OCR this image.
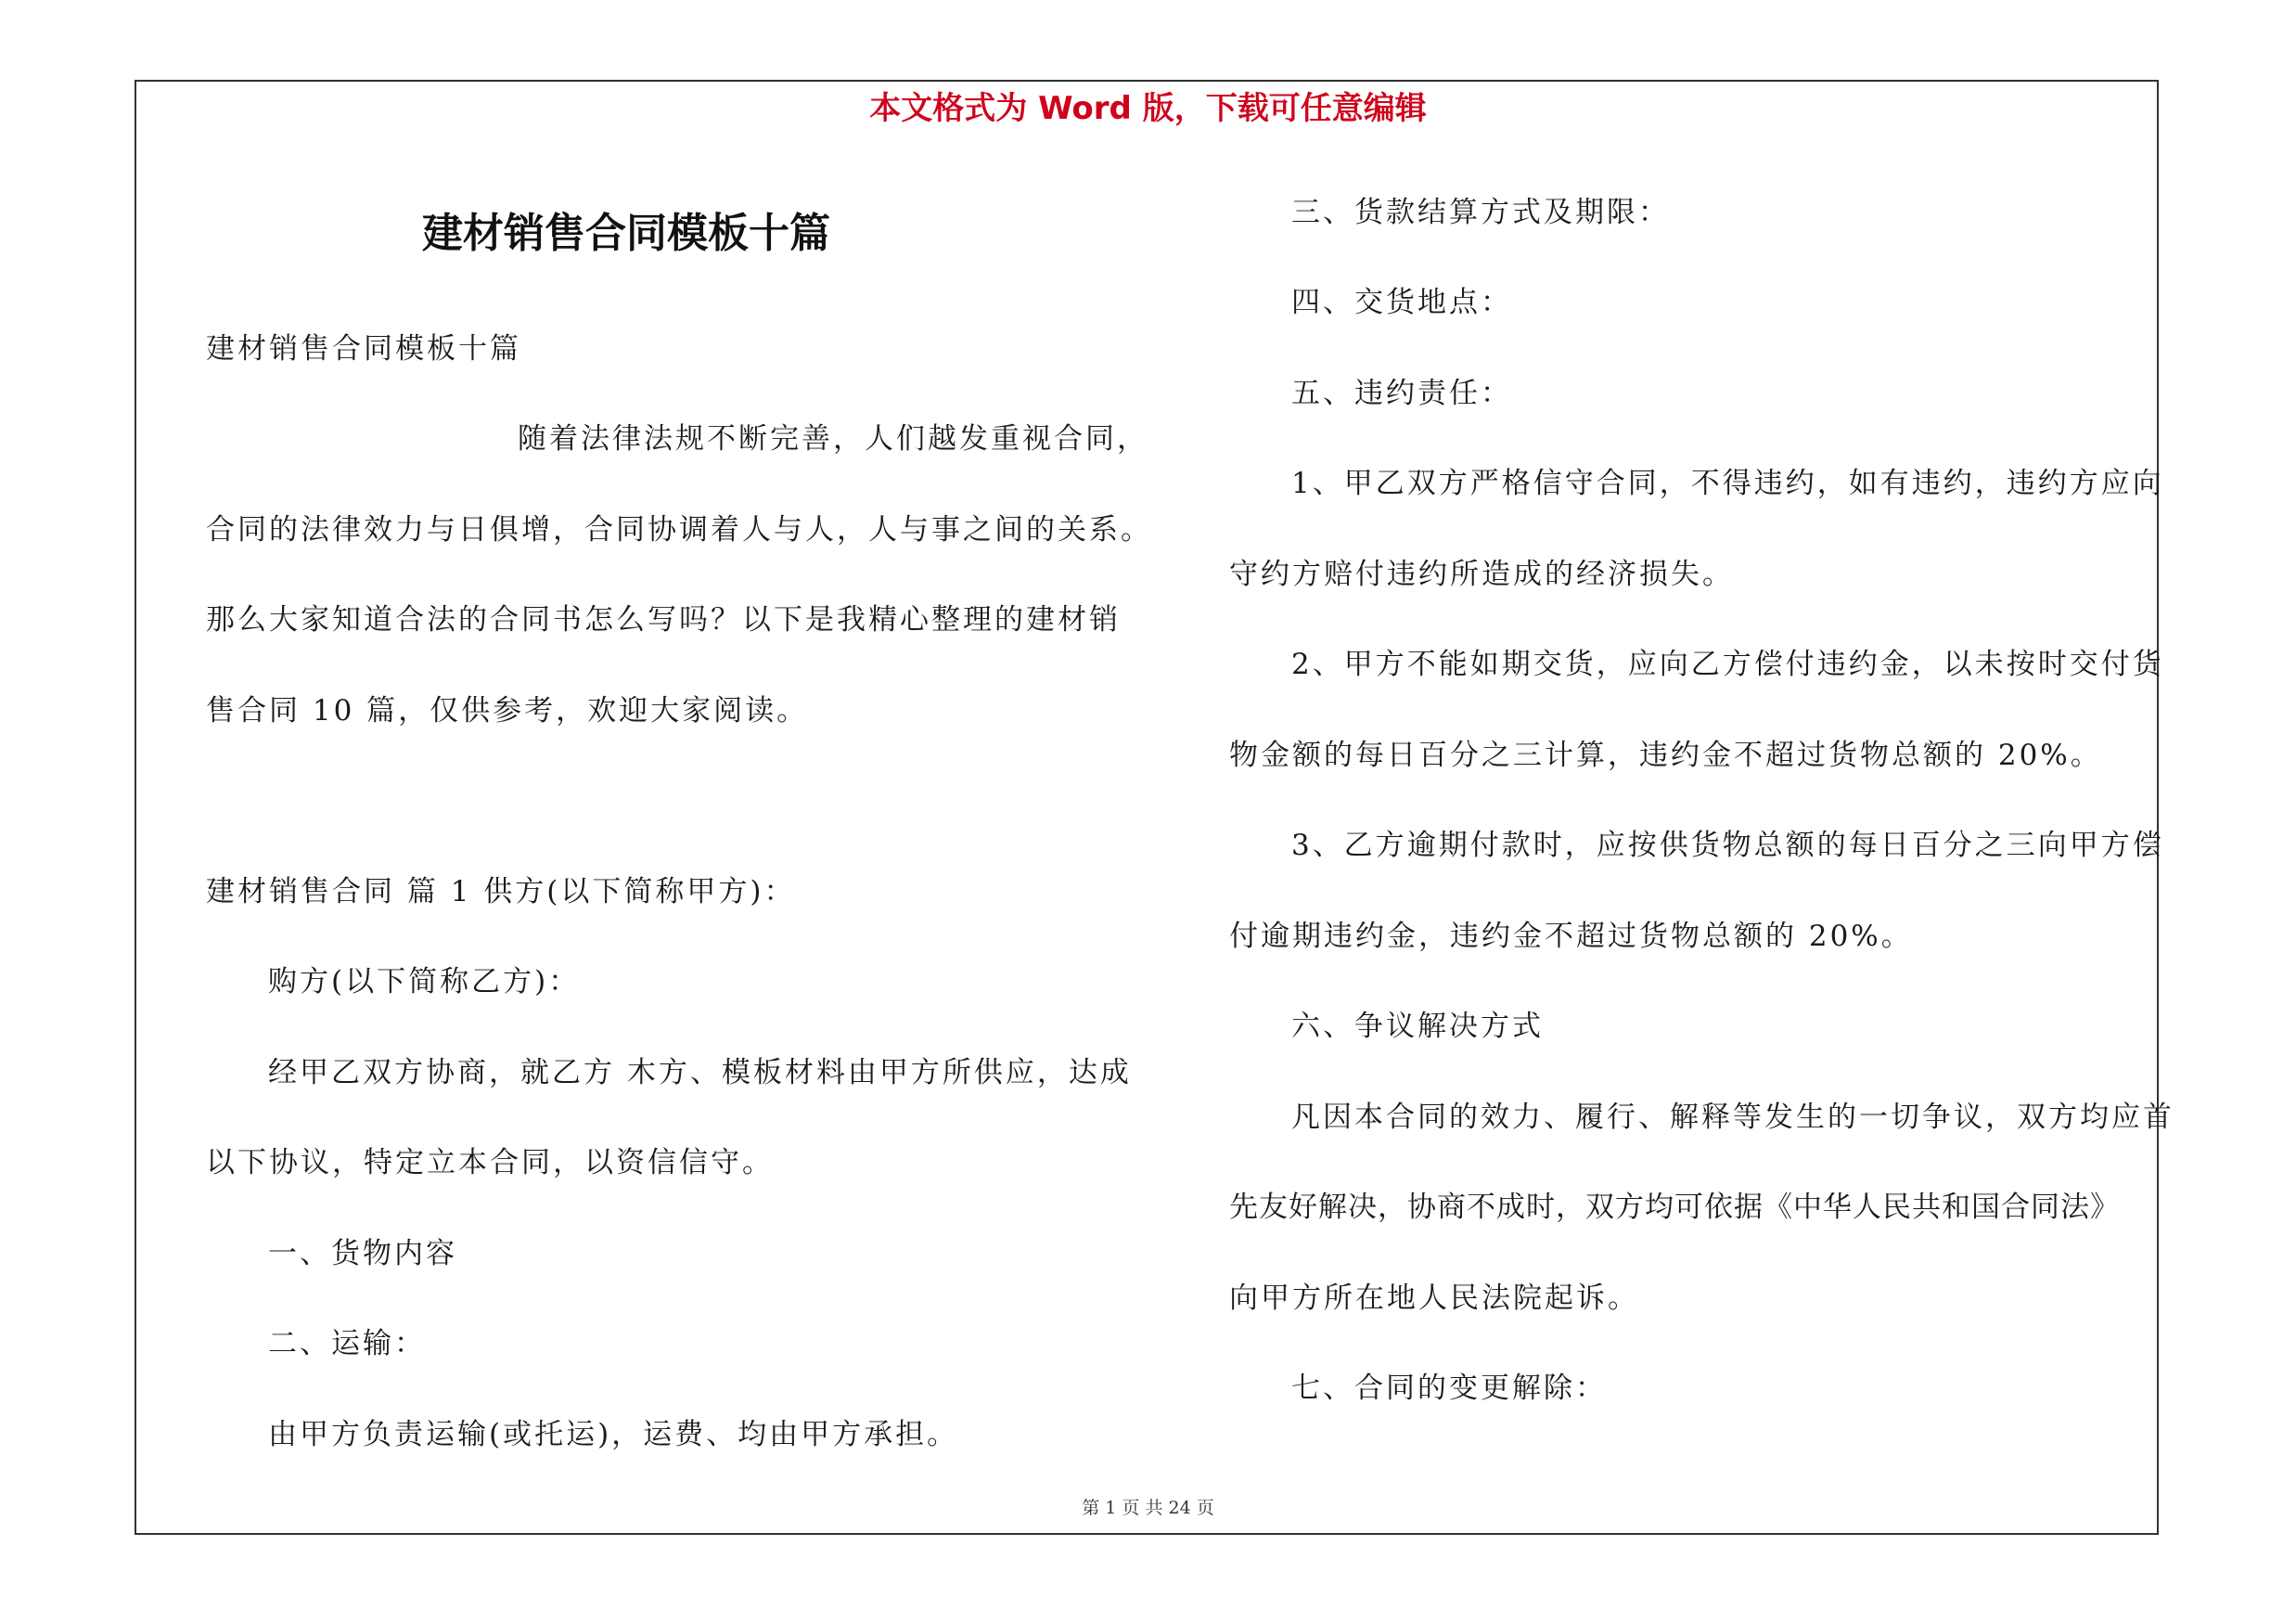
本文格式为 Word 版，下载可任意编辑
建材销售合同模板十篇
建材销售合同模板十篇
随着法律法规不断完善，人们越发重视合同，
合同的法律效力与日俱增，合同协调着人与人，人与事之间的关系。
那么大家知道合法的合同书怎么写吗？以下是我精心整理的建材销
售合同 10 篇，仅供参考，欢迎大家阅读。
建材销售合同 篇 1 供方(以下简称甲方)：
购方(以下简称乙方)：
经甲乙双方协商，就乙方 木方、模板材料由甲方所供应，达成
以下协议，特定立本合同，以资信信守。
一、货物内容
二、运输：
由甲方负责运输(或托运)，运费、均由甲方承担。
三、货款结算方式及期限：
四、交货地点：
五、违约责任：
1、甲乙双方严格信守合同，不得违约，如有违约，违约方应向
守约方赔付违约所造成的经济损失。
2、甲方不能如期交货，应向乙方偿付违约金，以未按时交付货
物金额的每日百分之三计算，违约金不超过货物总额的 20%。
3、乙方逾期付款时，应按供货物总额的每日百分之三向甲方偿
付逾期违约金，违约金不超过货物总额的 20%。
六、争议解决方式
凡因本合同的效力、履行、解释等发生的一切争议，双方均应首
先友好解决，协商不成时，双方均可依据《中华人民共和国合同法》
向甲方所在地人民法院起诉。
七、合同的变更解除：
第 1 页 共 24 页
